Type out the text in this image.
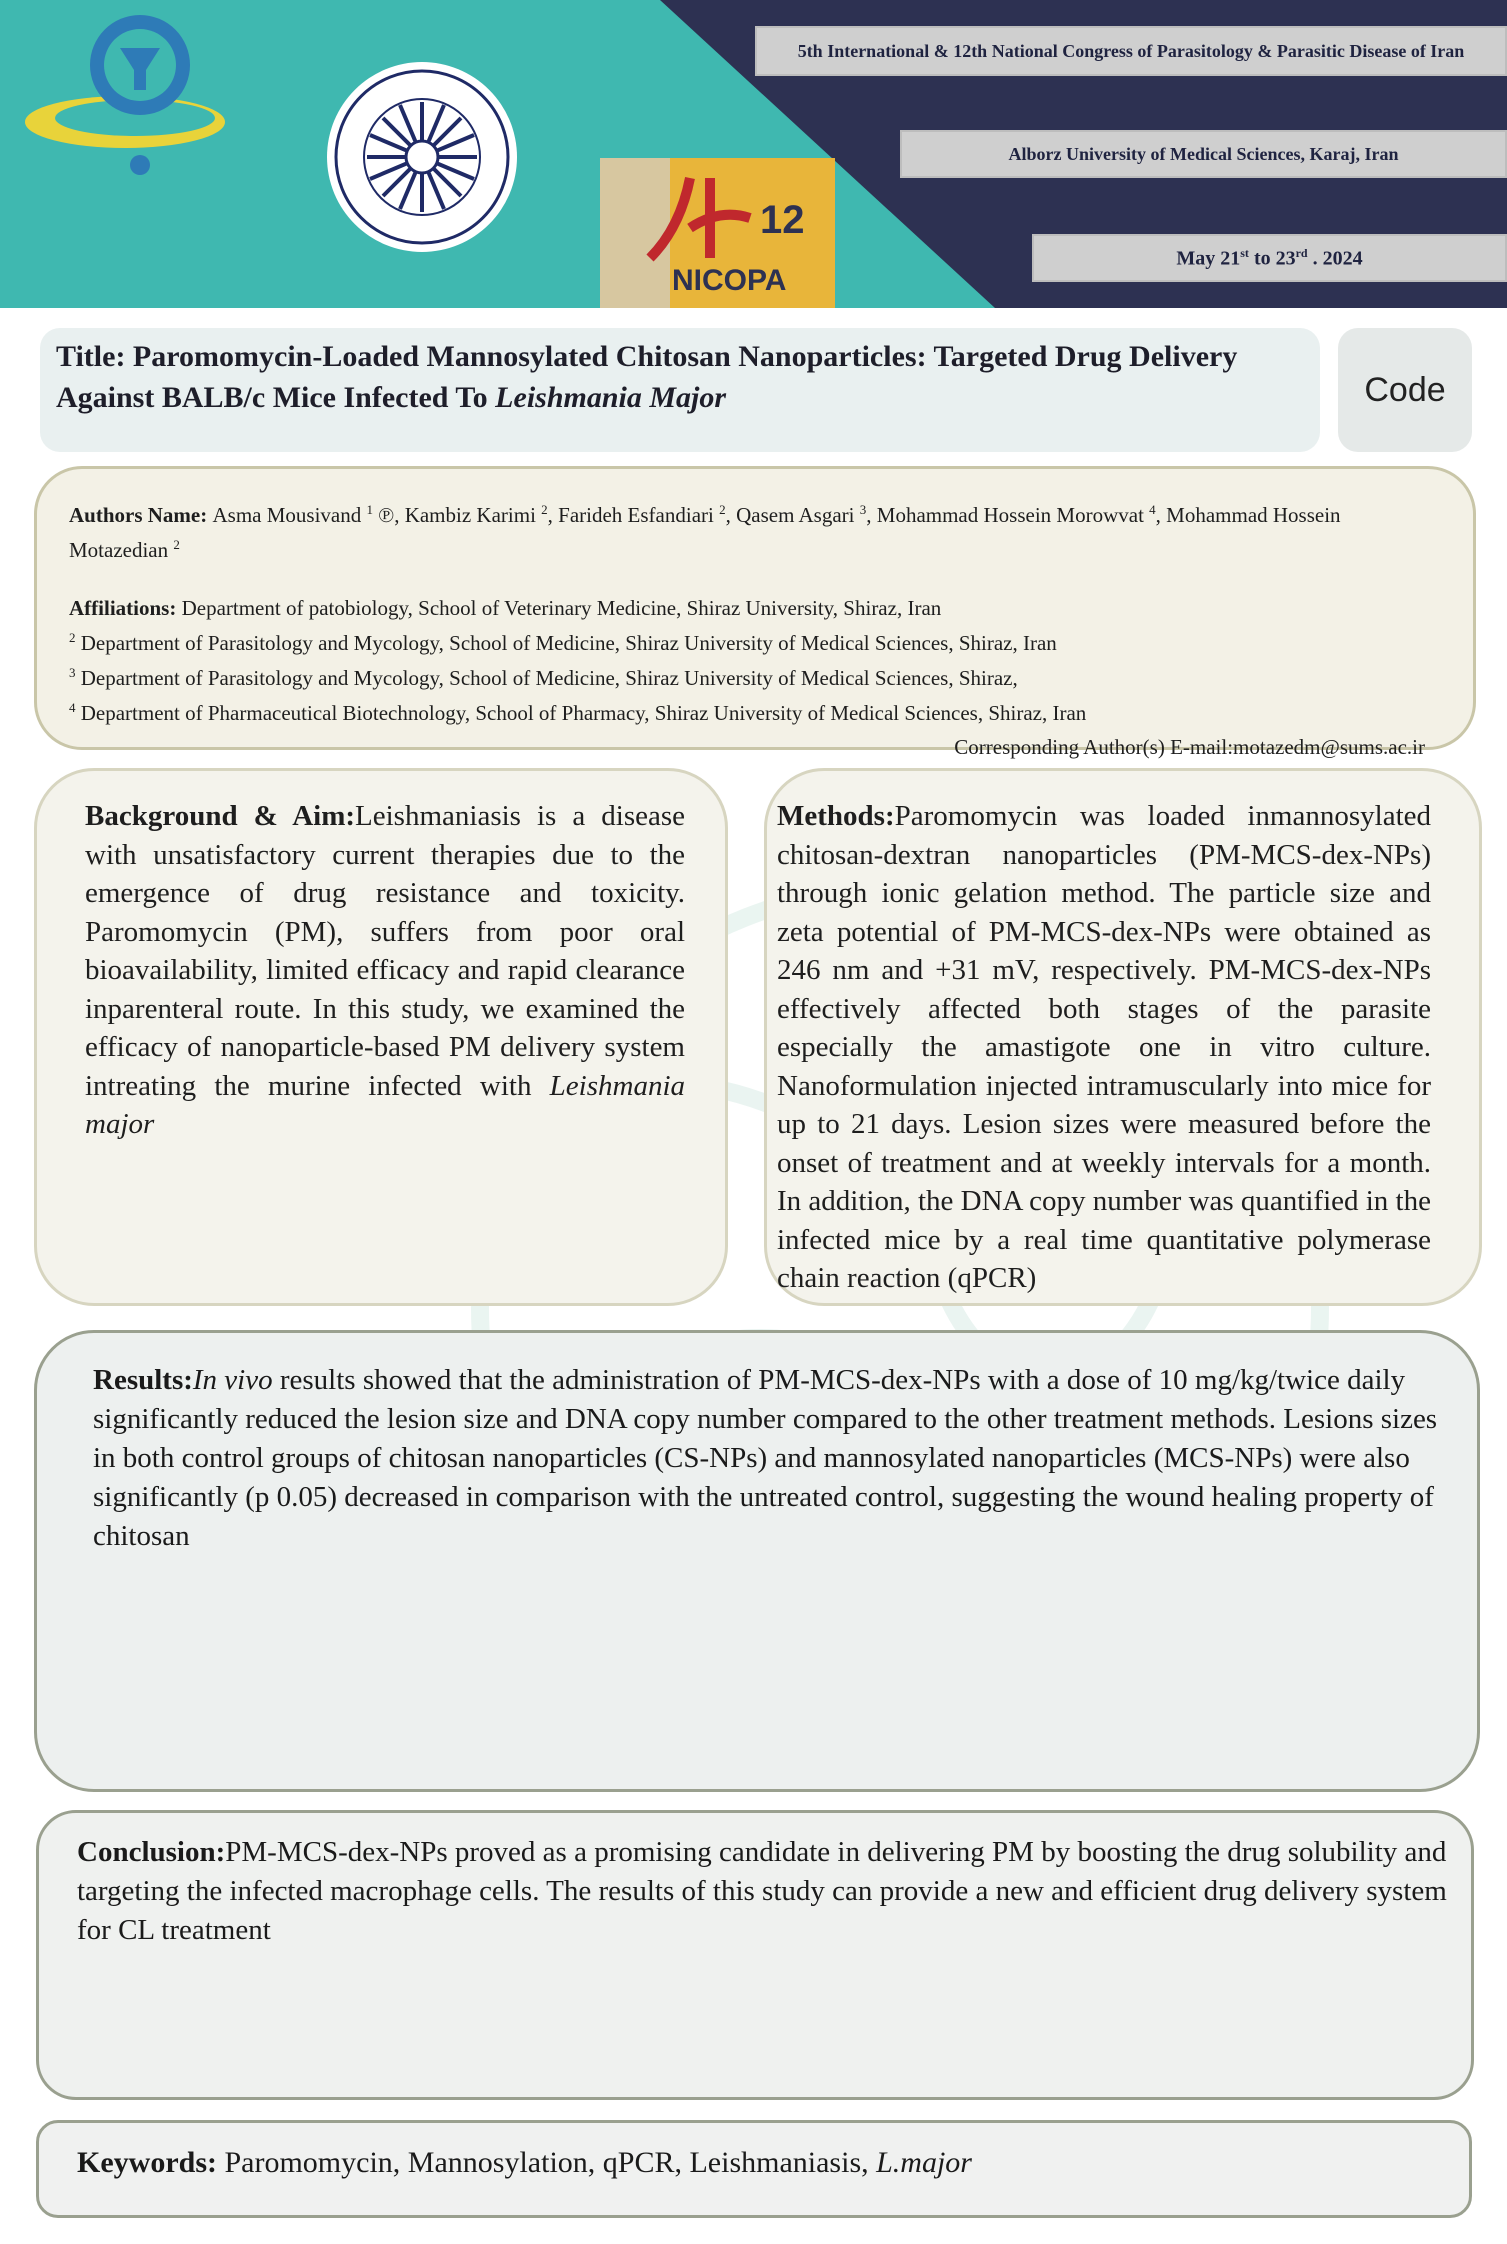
12
NICOPA
5th International & 12th National Congress of Parasitology & Parasitic Disease of Iran
Alborz University of Medical Sciences, Karaj, Iran
May 21st to 23rd . 2024
Title: Paromomycin-Loaded Mannosylated Chitosan Nanoparticles: Targeted Drug Delivery Against BALB/c Mice Infected To Leishmania Major	Code
Authors Name: Asma Mousivand $^1$ ℗, Kambiz Karimi $^2$, Farideh Esfandiari $^2$, Qasem Asgari $^3$, Mohammad Hossein Morowvat $^4$, Mohammad Hossein Motazedian $^2$
Affiliations: Department of patobiology, School of Veterinary Medicine, Shiraz University, Shiraz, Iran
$^2$ Department of Parasitology and Mycology, School of Medicine, Shiraz University of Medical Sciences, Shiraz, Iran
$^3$ Department of Parasitology and Mycology, School of Medicine, Shiraz University of Medical Sciences, Shiraz,
$^4$ Department of Pharmaceutical Biotechnology, School of Pharmacy, Shiraz University of Medical Sciences, Shiraz, Iran
Corresponding Author(s) E-mail:motazedm@sums.ac.ir
Background & Aim:Leishmaniasis is a disease with unsatisfactory current therapies due to the emergence of drug resistance and toxicity. Paromomycin (PM), suffers from poor oral bioavailability, limited efficacy and rapid clearance inparenteral route. In this study, we examined the efficacy of nanoparticle-based PM delivery system intreating the murine infected with Leishmania major
Methods:Paromomycin was loaded inmannosylated chitosan-dextran nanoparticles (PM-MCS-dex-NPs) through ionic gelation method. The particle size and zeta potential of PM-MCS-dex-NPs were obtained as 246 nm and +31 mV, respectively. PM-MCS-dex-NPs effectively affected both stages of the parasite especially the amastigote one in vitro culture. Nanoformulation injected intramuscularly into mice for up to 21 days. Lesion sizes were measured before the onset of treatment and at weekly intervals for a month. In addition, the DNA copy number was quantified in the infected mice by a real time quantitative polymerase chain reaction (qPCR)
Results:In vivo results showed that the administration of PM-MCS-dex-NPs with a dose of 10 mg/kg/twice daily significantly reduced the lesion size and DNA copy number compared to the other treatment methods. Lesions sizes in both control groups of chitosan nanoparticles (CS-NPs) and mannosylated nanoparticles (MCS-NPs) were also significantly (p 0.05) decreased in comparison with the untreated control, suggesting the wound healing property of chitosan
Conclusion:PM-MCS-dex-NPs proved as a promising candidate in delivering PM by boosting the drug solubility and targeting the infected macrophage cells. The results of this study can provide a new and efficient drug delivery system for CL treatment
Keywords: Paromomycin, Mannosylation, qPCR, Leishmaniasis, L.major
